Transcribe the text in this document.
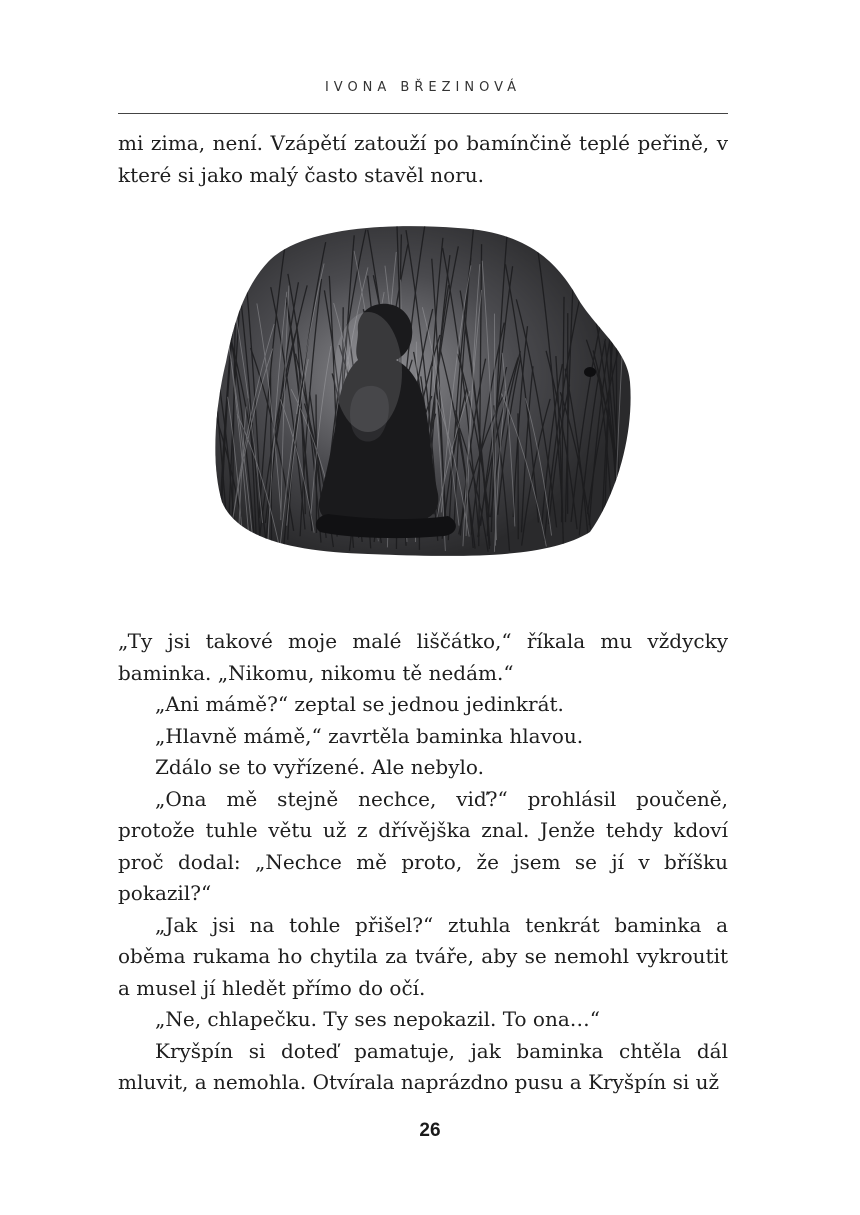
IVONA BŘEZINOVÁ

mi zima, není. Vzápětí zatouží po bamínčině teplé peřině, v které si jako malý často stavěl noru.

„Ty jsi takové moje malé liščátko,“ říkala mu vždycky baminka. „Nikomu, nikomu tě nedám.“

„Ani mámě?“ zeptal se jednou jedinkrát.

„Hlavně mámě,“ zavrtěla baminka hlavou.

Zdálo se to vyřízené. Ale nebylo.

„Ona mě stejně nechce, viď?“ prohlásil poučeně, protože tuhle větu už z dřívějška znal. Jenže tehdy kdoví proč dodal: „Nechce mě proto, že jsem se jí v bříšku pokazil?“

„Jak jsi na tohle přišel?“ ztuhla tenkrát baminka a oběma rukama ho chytila za tváře, aby se nemohl vykroutit a musel jí hledět přímo do očí.

„Ne, chlapečku. Ty ses nepokazil. To ona…“

Kryšpín si doteď pamatuje, jak baminka chtěla dál mluvit, a nemohla. Otvírala naprázdno pusu a Kryšpín si už

26
